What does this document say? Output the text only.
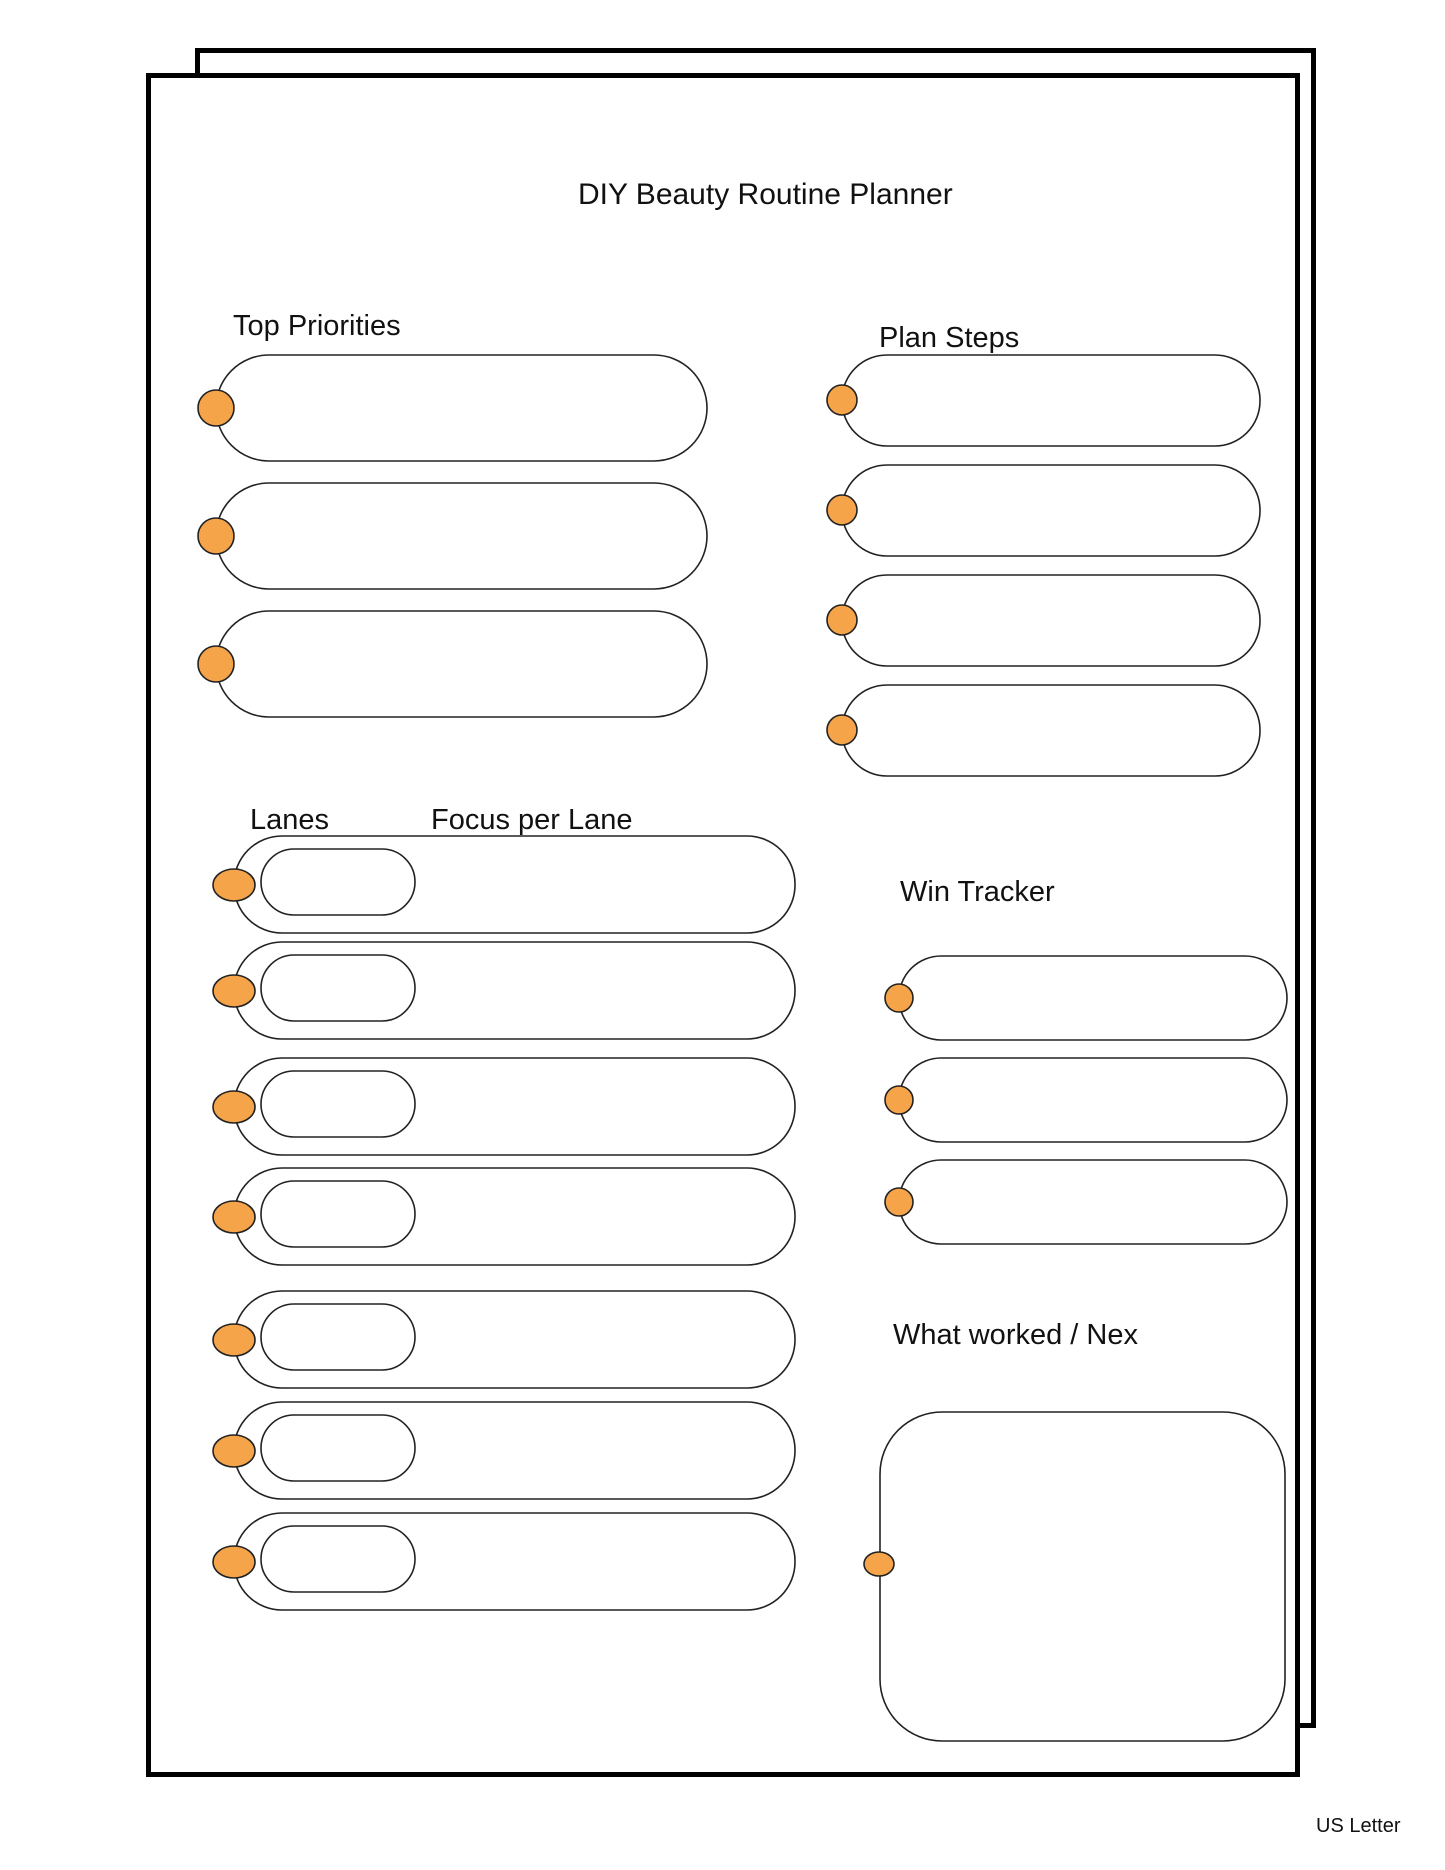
DIY Beauty Routine Planner
Top Priorities	Plan Steps
Lanes	Focus per Lane
Win Tracker
What worked / Nex
US Letter
